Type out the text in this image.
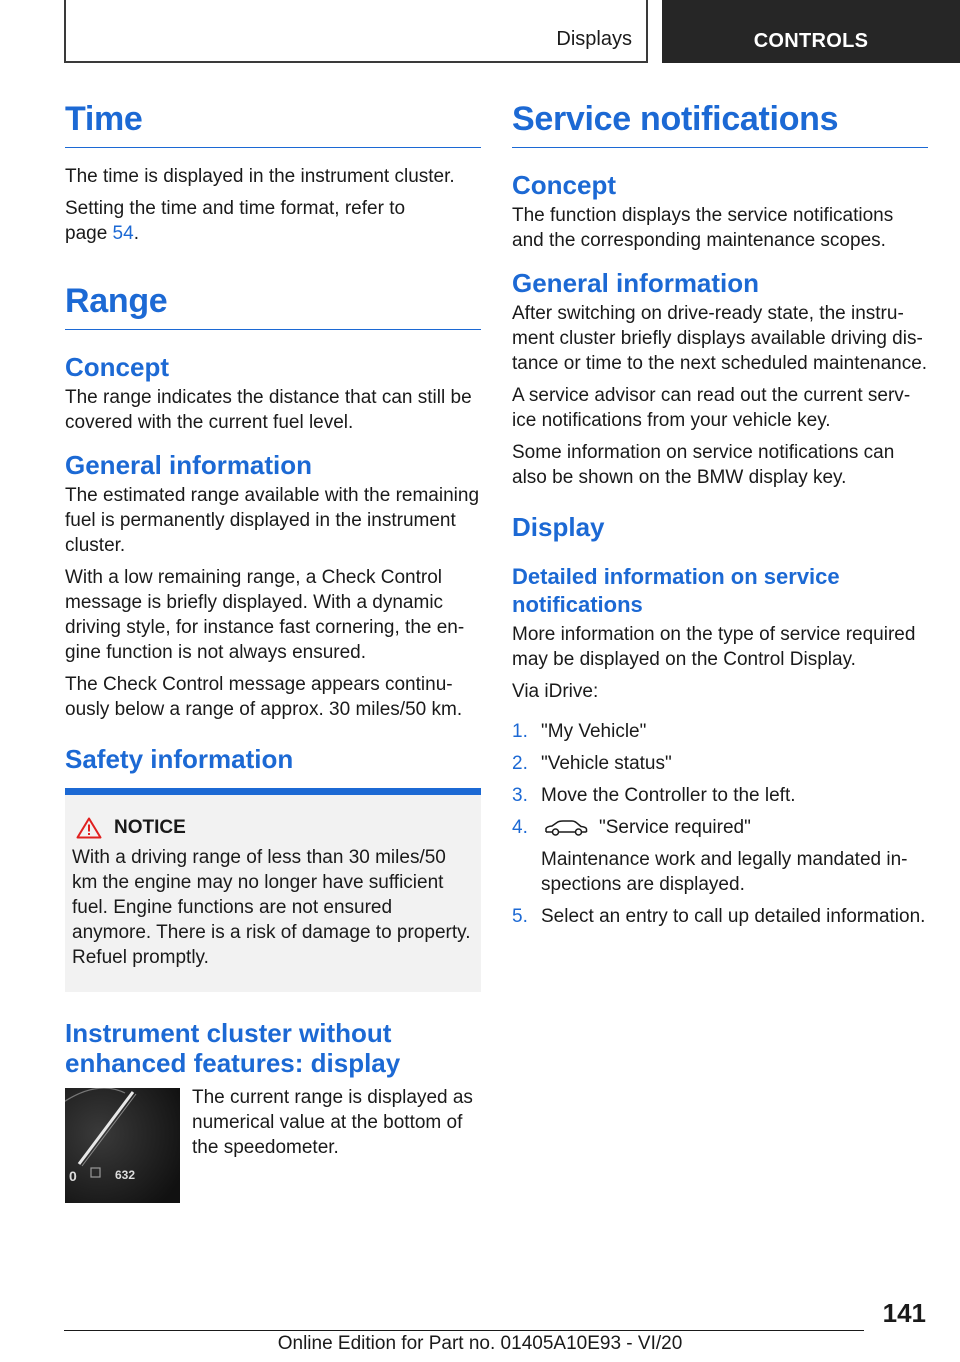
Displays	CONTROLS
Time

The time is displayed in the instrument cluster.

Setting the time and time format, refer to page 54.

Range
Concept

The range indicates the distance that can still be covered with the current fuel level.

General information

The estimated range available with the remaining fuel is permanently displayed in the instrument cluster.

With a low remaining range, a Check Control message is briefly displayed. With a dynamic driving style, for instance fast cornering, the engine function is not always ensured.

The Check Control message appears continuously below a range of approx. 30 miles/50 km.

Safety information
NOTICE

With a driving range of less than 30 miles/50 km the engine may no longer have sufficient fuel. Engine functions are not ensured anymore. There is a risk of damage to property. Refuel promptly.

Instrument cluster without enhanced features: display
0	632

The current range is displayed as numerical value at the bottom of the speedometer.

Service notifications
Concept

The function displays the service notifications and the corresponding maintenance scopes.

General information

After switching on drive-ready state, the instrument cluster briefly displays available driving distance or time to the next scheduled maintenance.

A service advisor can read out the current service notifications from your vehicle key.

Some information on service notifications can also be shown on the BMW display key.

Display
Detailed information on service notifications

More information on the type of service required may be displayed on the Control Display.

Via iDrive:

1. "My Vehicle"
2. "Vehicle status"
3. Move the Controller to the left.
4.	"Service required"
Maintenance work and legally mandated inspections are displayed.
5. Select an entry to call up detailed information.
141
Online Edition for Part no. 01405A10E93 - VI/20
